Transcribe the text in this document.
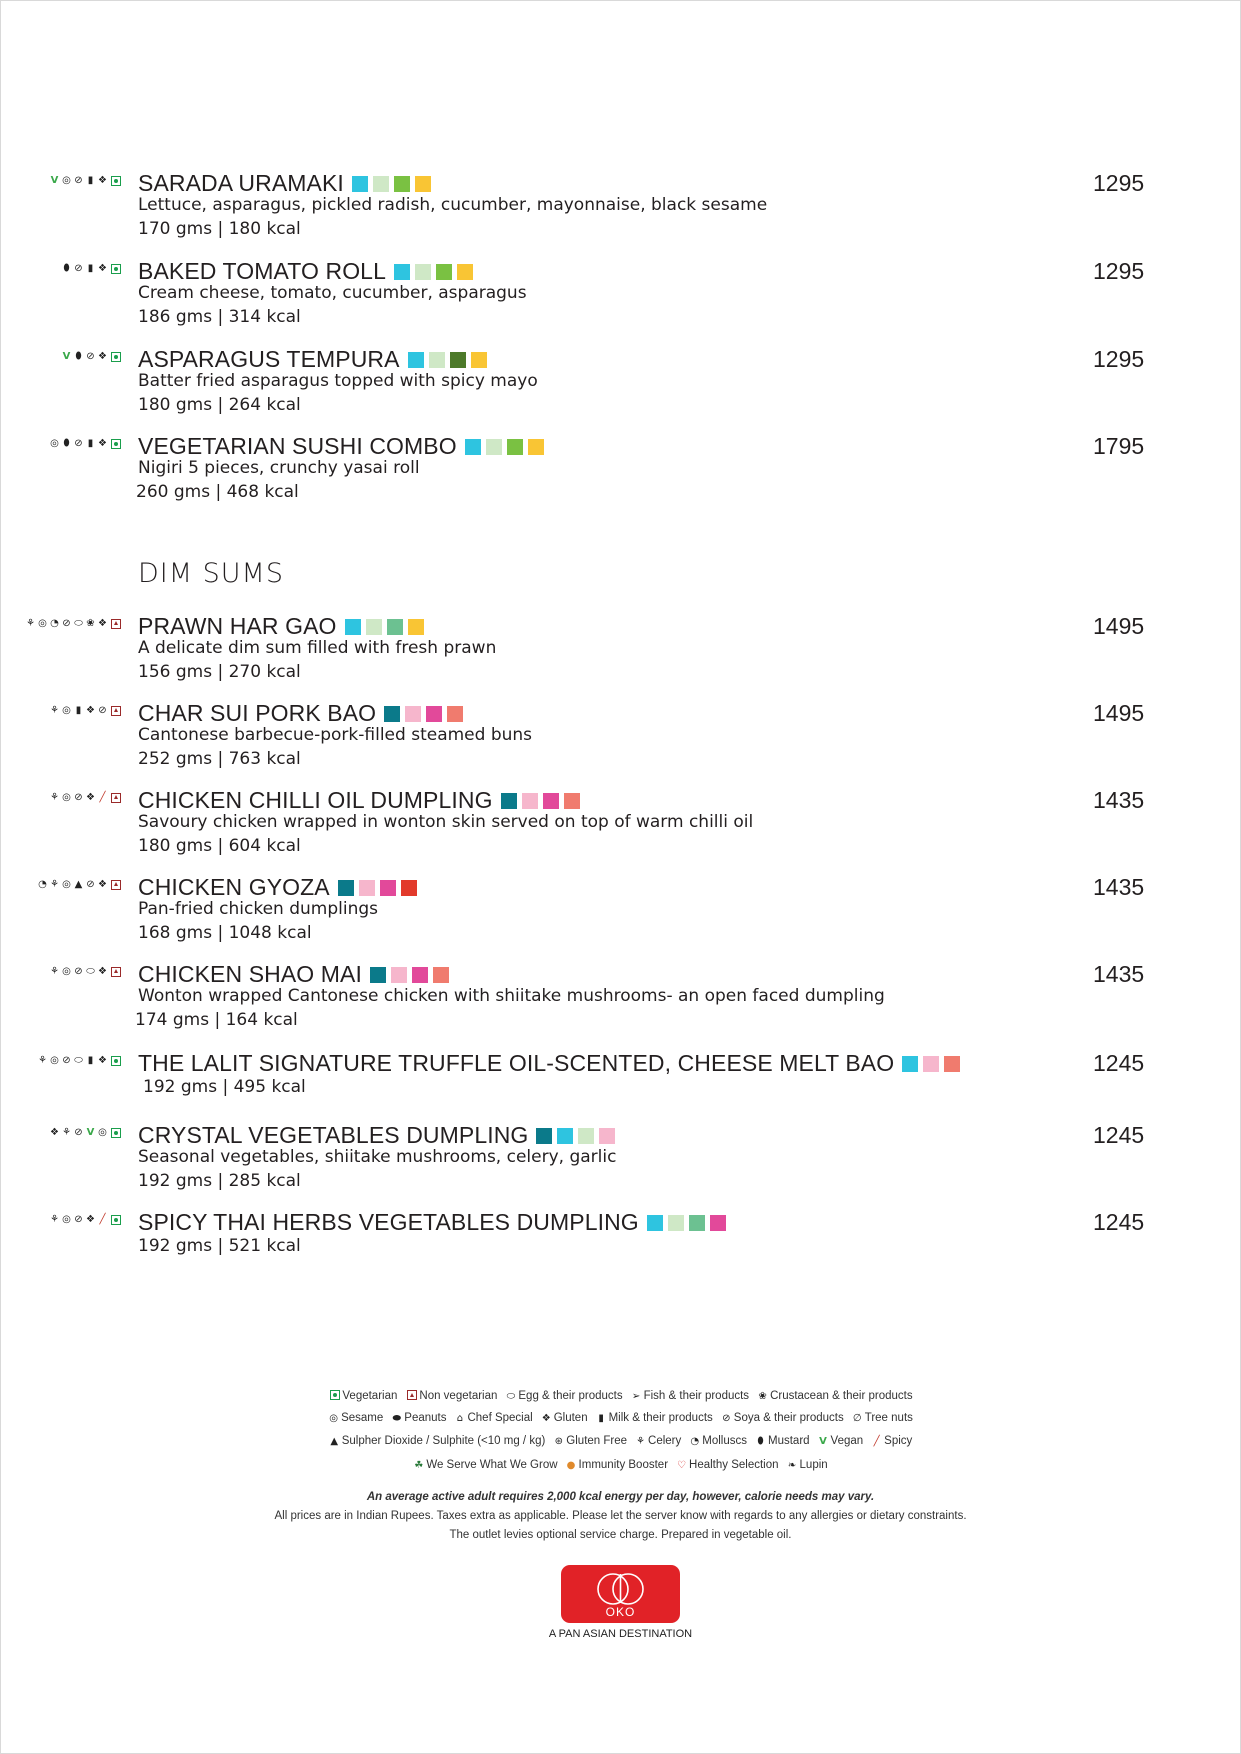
V ◎ ⊘ ▮ ❖ SARADA URAMAKI
Lettuce, asparagus, pickled radish, cucumber, mayonnaise, black sesame
170 gms | 180 kcal
1295
⬮ ⊘ ▮ ❖ BAKED TOMATO ROLL
Cream cheese, tomato, cucumber, asparagus
186 gms | 314 kcal
1295
V ⬮ ⊘ ❖ ASPARAGUS TEMPURA
Batter fried asparagus topped with spicy mayo
180 gms | 264 kcal
1295
◎ ⬮ ⊘ ▮ ❖ VEGETARIAN SUSHI COMBO
Nigiri 5 pieces, crunchy yasai roll
260 gms | 468 kcal
1795
DIM SUMS
⚘ ◎ ◔ ⊘ ⬭ ❀ ❖ PRAWN HAR GAO
A delicate dim sum filled with fresh prawn
156 gms | 270 kcal
1495
⚘ ◎ ▮ ❖ ⊘ CHAR SUI PORK BAO
Cantonese barbecue-pork-filled steamed buns
252 gms | 763 kcal
1495
⚘ ◎ ⊘ ❖ ╱ CHICKEN CHILLI OIL DUMPLING
Savoury chicken wrapped in wonton skin served on top of warm chilli oil
180 gms | 604 kcal
1435
◔ ⚘ ◎ ▲ ⊘ ❖ CHICKEN GYOZA
Pan-fried chicken dumplings
168 gms | 1048 kcal
1435
⚘ ◎ ⊘ ⬭ ❖ CHICKEN SHAO MAI
Wonton wrapped Cantonese chicken with shiitake mushrooms- an open faced dumpling
174 gms | 164 kcal
1435
⚘ ◎ ⊘ ⬭ ▮ ❖ THE LALIT SIGNATURE TRUFFLE OIL-SCENTED, CHEESE MELT BAO
192 gms | 495 kcal
1245
❖ ⚘ ⊘ V ◎ CRYSTAL VEGETABLES DUMPLING
Seasonal vegetables, shiitake mushrooms, celery, garlic
192 gms | 285 kcal
1245
⚘ ◎ ⊘ ❖ ╱ SPICY THAI HERBS VEGETABLES DUMPLING
192 gms | 521 kcal
1245
Vegetarian Non vegetarian ⬭ Egg & their products ➢ Fish & their products ❀ Crustacean & their products
◎ Sesame ⬬ Peanuts ⌂ Chef Special ❖ Gluten ▮ Milk & their products ⊘ Soya & their products ∅ Tree nuts
▲ Sulpher Dioxide / Sulphite (<10 mg / kg) ⊛ Gluten Free ⚘ Celery ◔ Molluscs ⬮ Mustard V Vegan ╱ Spicy
☘ We Serve What We Grow ● Immunity Booster ♡ Healthy Selection ❧ Lupin
An average active adult requires 2,000 kcal energy per day, however, calorie needs may vary.
All prices are in Indian Rupees. Taxes extra as applicable. Please let the server know with regards to any allergies or dietary constraints.
The outlet levies optional service charge. Prepared in vegetable oil.
OKO
A PAN ASIAN DESTINATION
